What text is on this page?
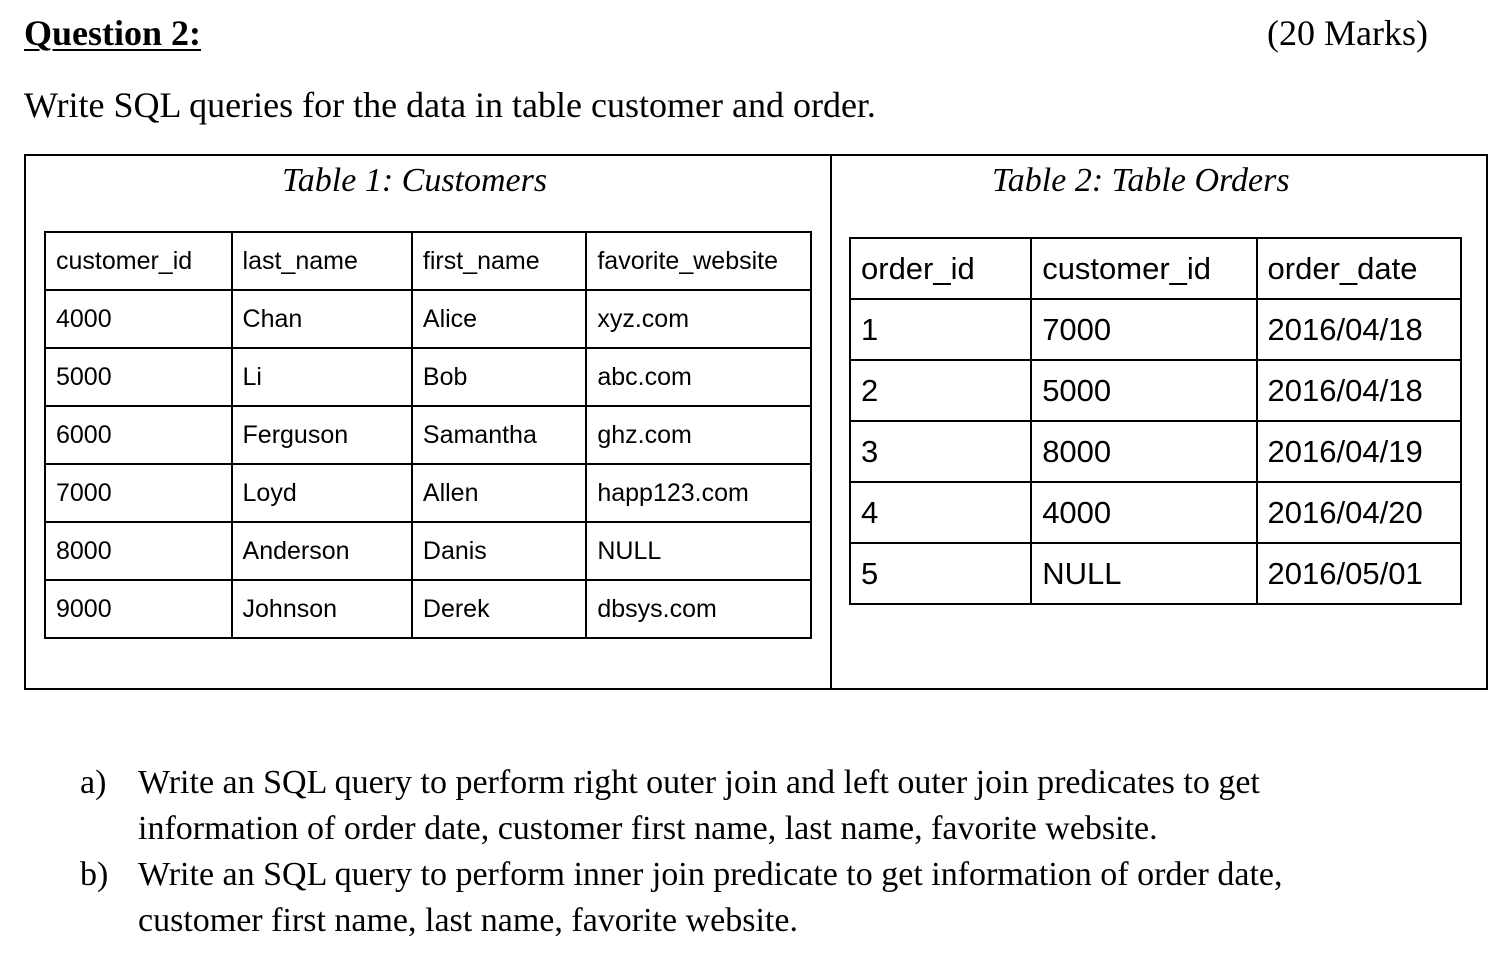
Question 2:	(20 Marks)
Write SQL queries for the data in table customer and order.
Table 1: Customers	Table 2: Table Orders
customer_id	last_name	first_name	favorite_website
4000	Chan	Alice	xyz.com
5000	Li	Bob	abc.com
6000	Ferguson	Samantha	ghz.com
7000	Loyd	Allen	happ123.com
8000	Anderson	Danis	NULL
9000	Johnson	Derek	dbsys.com
order_id	customer_id	order_date
1	7000	2016/04/18
2	5000	2016/04/18
3	8000	2016/04/19
4	4000	2016/04/20
5	NULL	2016/05/01
a) Write an SQL query to perform right outer join and left outer join predicates to get information of order date, customer first name, last name, favorite website.
b) Write an SQL query to perform inner join predicate to get information of order date, customer first name, last name, favorite website.
